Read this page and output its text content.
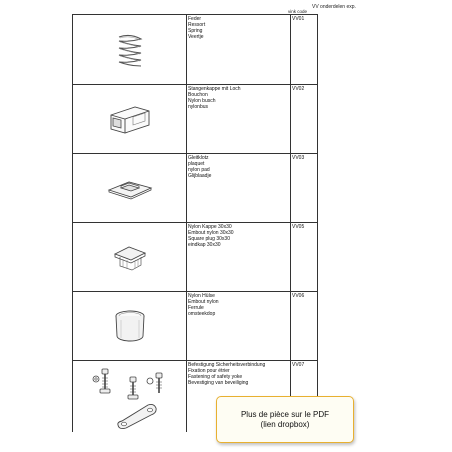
vink code
VV onderdelen exp.
Feder
Ressort
Spring
Veertje
VV01
Stangenkappe mit Loch
Bouchon
Nylon busch
nylonbus
VV02
Gleitklotz
plaquet
nylon pad
Glijblaadje
VV03
Nylon Kappe 30x30
Embout nylon 30x30
Square plug 30x30
eindkap 30x30
VV05
Nylon Hülse
Embout nylon
Ferrule
omsteekdop
VV06
Befestigung Sicherheitsverbindung
Fixation pour étrier
Fastening of safety yoke
Bevestiging van beveiliging
VV07
Plus de pièce sur le PDF
(lien dropbox)
